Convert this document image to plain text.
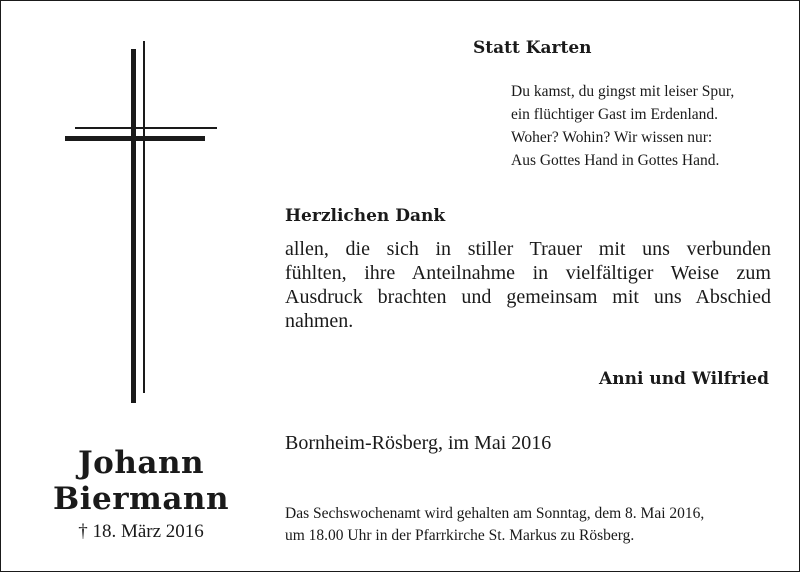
Johann
Biermann
† 18. März 2016
Statt Karten
Du kamst, du gingst mit leiser Spur,
ein flüchtiger Gast im Erdenland.
Woher? Wohin? Wir wissen nur:
Aus Gottes Hand in Gottes Hand.
Herzlichen Dank
allen, die sich in stiller Trauer mit uns verbunden
fühlten, ihre Anteilnahme in vielfältiger Weise zum
Ausdruck brachten und gemeinsam mit uns Abschied
nahmen.
Anni und Wilfried
Bornheim-Rösberg, im Mai 2016
Das Sechswochenamt wird gehalten am Sonntag, dem 8. Mai 2016,
um 18.00 Uhr in der Pfarrkirche St. Markus zu Rösberg.
